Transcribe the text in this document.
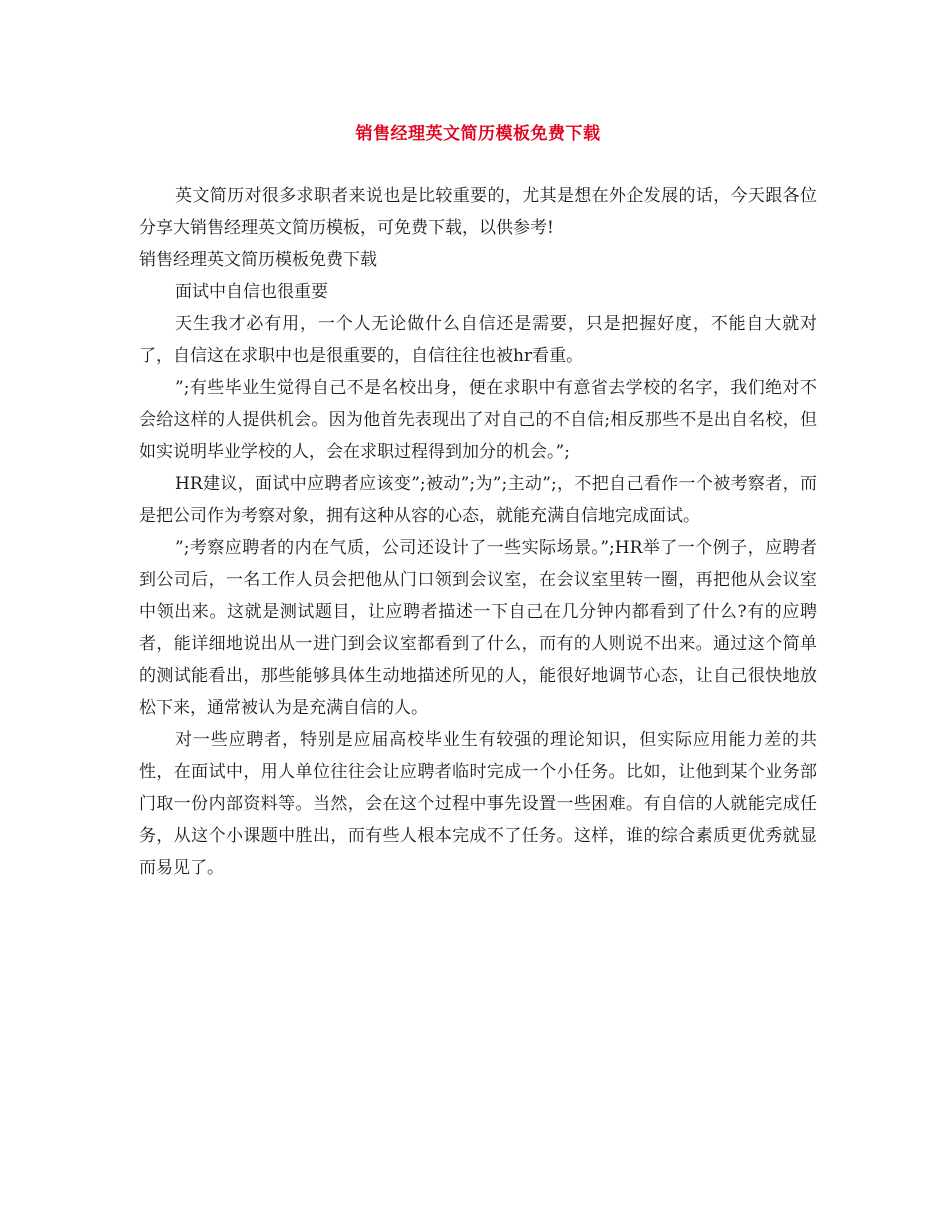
销售经理英文简历模板免费下载

英文简历对很多求职者来说也是比较重要的，尤其是想在外企发展的话，今天跟各位分享大销售经理英文简历模板，可免费下载，以供参考!

销售经理英文简历模板免费下载

面试中自信也很重要

天生我才必有用，一个人无论做什么自信还是需要，只是把握好度，不能自大就对了，自信这在求职中也是很重要的，自信往往也被hr看重。

”;有些毕业生觉得自己不是名校出身，便在求职中有意省去学校的名字，我们绝对不会给这样的人提供机会。因为他首先表现出了对自己的不自信;相反那些不是出自名校，但如实说明毕业学校的人，会在求职过程得到加分的机会。”;

HR建议，面试中应聘者应该变”;被动”;为”;主动”;，不把自己看作一个被考察者，而是把公司作为考察对象，拥有这种从容的心态，就能充满自信地完成面试。

”;考察应聘者的内在气质，公司还设计了一些实际场景。”;HR举了一个例子，应聘者到公司后，一名工作人员会把他从门口领到会议室，在会议室里转一圈，再把他从会议室中领出来。这就是测试题目，让应聘者描述一下自己在几分钟内都看到了什么?有的应聘者，能详细地说出从一进门到会议室都看到了什么，而有的人则说不出来。通过这个简单的测试能看出，那些能够具体生动地描述所见的人，能很好地调节心态，让自己很快地放松下来，通常被认为是充满自信的人。

对一些应聘者，特别是应届高校毕业生有较强的理论知识，但实际应用能力差的共性，在面试中，用人单位往往会让应聘者临时完成一个小任务。比如，让他到某个业务部门取一份内部资料等。当然，会在这个过程中事先设置一些困难。有自信的人就能完成任务，从这个小课题中胜出，而有些人根本完成不了任务。这样，谁的综合素质更优秀就显而易见了。
